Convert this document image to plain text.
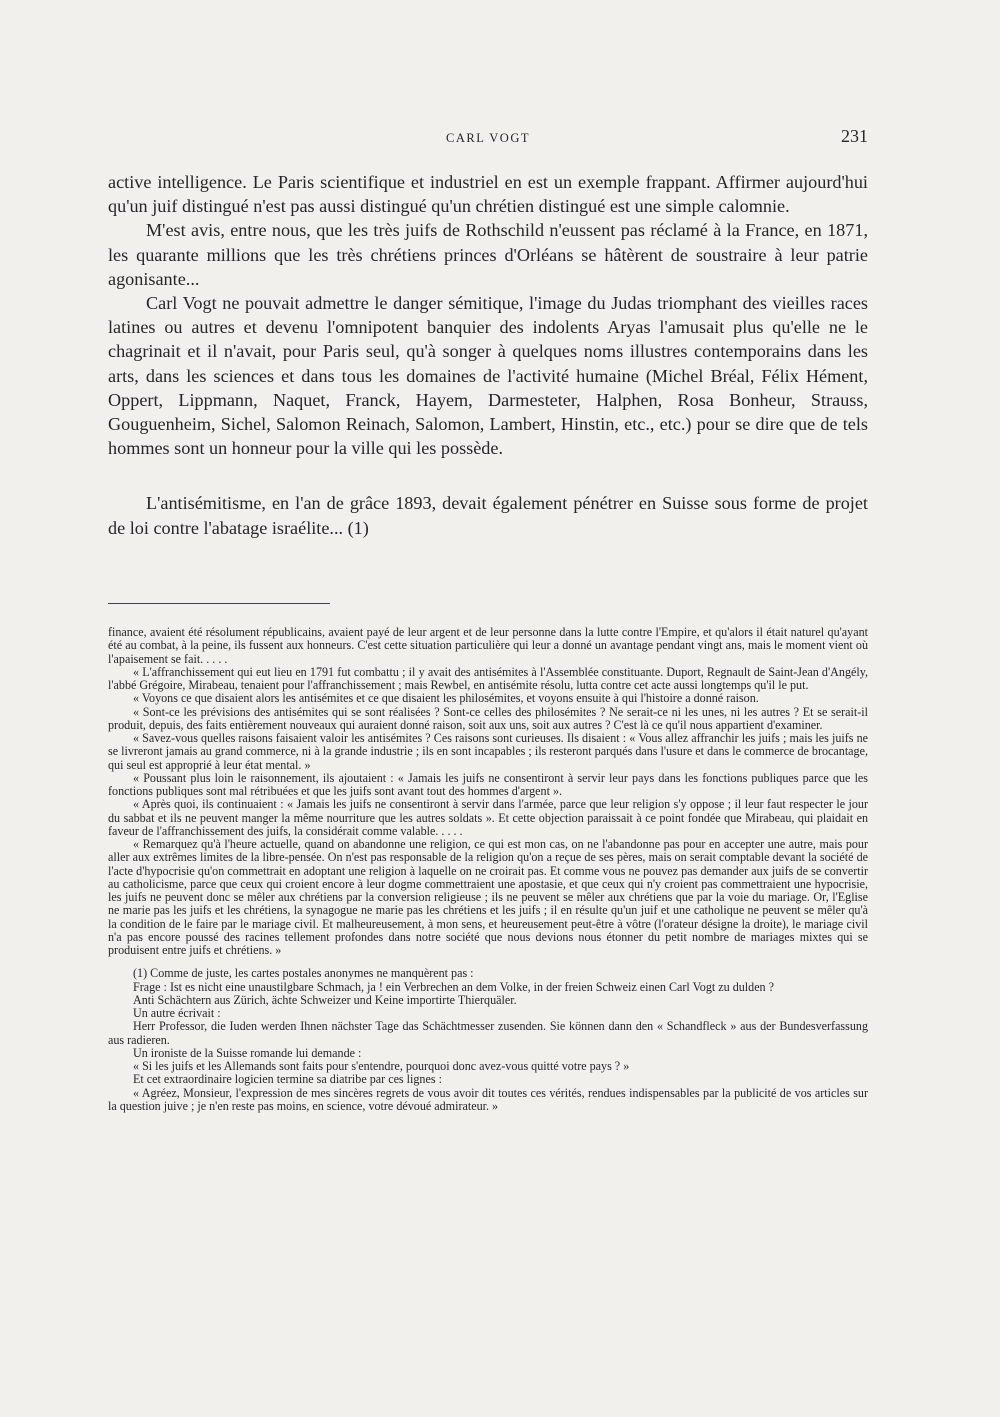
CARL VOGT	231

active intelligence. Le Paris scientifique et industriel en est un exemple frappant. Affirmer aujourd'hui qu'un juif distingué n'est pas aussi distingué qu'un chrétien distingué est une simple calomnie.

M'est avis, entre nous, que les très juifs de Rothschild n'eussent pas réclamé à la France, en 1871, les quarante millions que les très chrétiens princes d'Orléans se hâtèrent de soustraire à leur patrie agonisante...

Carl Vogt ne pouvait admettre le danger sémitique, l'image du Judas triomphant des vieilles races latines ou autres et devenu l'omnipotent banquier des indolents Aryas l'amusait plus qu'elle ne le chagrinait et il n'avait, pour Paris seul, qu'à songer à quelques noms illustres contemporains dans les arts, dans les sciences et dans tous les domaines de l'activité humaine (Michel Bréal, Félix Hément, Oppert, Lippmann, Naquet, Franck, Hayem, Darmesteter, Halphen, Rosa Bonheur, Strauss, Gouguenheim, Sichel, Salomon Reinach, Salomon, Lambert, Hinstin, etc., etc.) pour se dire que de tels hommes sont un honneur pour la ville qui les possède.

L'antisémitisme, en l'an de grâce 1893, devait également pénétrer en Suisse sous forme de projet de loi contre l'abatage israélite... (1)

finance, avaient été résolument républicains, avaient payé de leur argent et de leur personne dans la lutte contre l'Empire, et qu'alors il était naturel qu'ayant été au combat, à la peine, ils fussent aux honneurs. C'est cette situation particulière qui leur a donné un avantage pendant vingt ans, mais le moment vient où l'apaisement se fait. . . . .

« L'affranchissement qui eut lieu en 1791 fut combattu ; il y avait des antisémites à l'Assemblée constituante. Duport, Regnault de Saint-Jean d'Angély, l'abbé Grégoire, Mirabeau, tenaient pour l'affranchissement ; mais Rewbel, en antisémite résolu, lutta contre cet acte aussi longtemps qu'il le put.

« Voyons ce que disaient alors les antisémites et ce que disaient les philosémites, et voyons ensuite à qui l'histoire a donné raison.

« Sont-ce les prévisions des antisémites qui se sont réalisées ? Sont-ce celles des philosémites ? Ne serait-ce ni les unes, ni les autres ? Et se serait-il produit, depuis, des faits entièrement nouveaux qui auraient donné raison, soit aux uns, soit aux autres ? C'est là ce qu'il nous appartient d'examiner.

« Savez-vous quelles raisons faisaient valoir les antisémites ? Ces raisons sont curieuses. Ils disaient : « Vous allez affranchir les juifs ; mais les juifs ne se livreront jamais au grand commerce, ni à la grande industrie ; ils en sont incapables ; ils resteront parqués dans l'usure et dans le commerce de brocantage, qui seul est approprié à leur état mental. »

« Poussant plus loin le raisonnement, ils ajoutaient : « Jamais les juifs ne consentiront à servir leur pays dans les fonctions publiques parce que les fonctions publiques sont mal rétribuées et que les juifs sont avant tout des hommes d'argent ».

« Après quoi, ils continuaient : « Jamais les juifs ne consentiront à servir dans l'armée, parce que leur religion s'y oppose ; il leur faut respecter le jour du sabbat et ils ne peuvent manger la même nourriture que les autres soldats ». Et cette objection paraissait à ce point fondée que Mirabeau, qui plaidait en faveur de l'affranchissement des juifs, la considérait comme valable. . . . .

« Remarquez qu'à l'heure actuelle, quand on abandonne une religion, ce qui est mon cas, on ne l'abandonne pas pour en accepter une autre, mais pour aller aux extrêmes limites de la libre-pensée. On n'est pas responsable de la religion qu'on a reçue de ses pères, mais on serait comptable devant la société de l'acte d'hypocrisie qu'on commettrait en adoptant une religion à laquelle on ne croirait pas. Et comme vous ne pouvez pas demander aux juifs de se convertir au catholicisme, parce que ceux qui croient encore à leur dogme commettraient une apostasie, et que ceux qui n'y croient pas commettraient une hypocrisie, les juifs ne peuvent donc se mêler aux chrétiens par la conversion religieuse ; ils ne peuvent se mêler aux chrétiens que par la voie du mariage. Or, l'Eglise ne marie pas les juifs et les chrétiens, la synagogue ne marie pas les chrétiens et les juifs ; il en résulte qu'un juif et une catholique ne peuvent se mêler qu'à la condition de le faire par le mariage civil. Et malheureusement, à mon sens, et heureusement peut-être à vôtre (l'orateur désigne la droite), le mariage civil n'a pas encore poussé des racines tellement profondes dans notre société que nous devions nous étonner du petit nombre de mariages mixtes qui se produisent entre juifs et chrétiens. »

(1) Comme de juste, les cartes postales anonymes ne manquèrent pas :

Frage : Ist es nicht eine unaustilgbare Schmach, ja ! ein Verbrechen an dem Volke, in der freien Schweiz einen Carl Vogt zu dulden ?

Anti Schächtern aus Zürich, ächte Schweizer und Keine importirte Thierquäler.

Un autre écrivait :

Herr Professor, die Iuden werden Ihnen nächster Tage das Schächtmesser zusenden. Sie können dann den « Schandfleck » aus der Bundesverfassung aus radieren.

Un ironiste de la Suisse romande lui demande :

« Si les juifs et les Allemands sont faits pour s'entendre, pourquoi donc avez-vous quitté votre pays ? »

Et cet extraordinaire logicien termine sa diatribe par ces lignes :

« Agréez, Monsieur, l'expression de mes sincères regrets de vous avoir dit toutes ces vérités, rendues indispensables par la publicité de vos articles sur la question juive ; je n'en reste pas moins, en science, votre dévoué admirateur. »
